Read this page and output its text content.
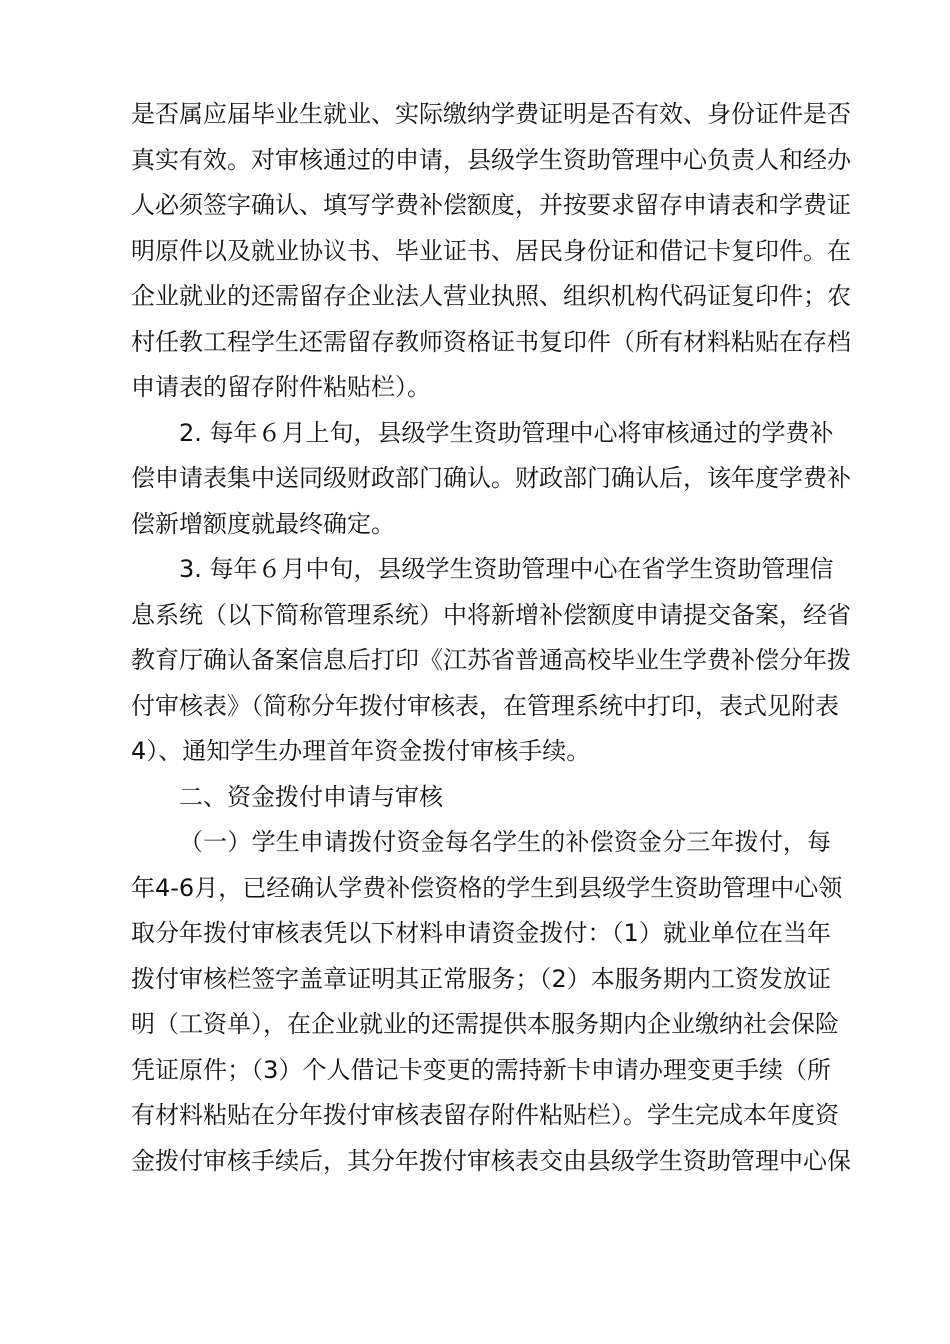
是否属应届毕业生就业、实际缴纳学费证明是否有效、身份证件是否
真实有效。对审核通过的申请，县级学生资助管理中心负责人和经办
人必须签字确认、填写学费补偿额度，并按要求留存申请表和学费证
明原件以及就业协议书、毕业证书、居民身份证和借记卡复印件。在
企业就业的还需留存企业法人营业执照、组织机构代码证复印件；农
村任教工程学生还需留存教师资格证书复印件（所有材料粘贴在存档
申请表的留存附件粘贴栏）。
2. 每年６月上旬，县级学生资助管理中心将审核通过的学费补
偿申请表集中送同级财政部门确认。财政部门确认后，该年度学费补
偿新增额度就最终确定。
3. 每年６月中旬，县级学生资助管理中心在省学生资助管理信
息系统（以下简称管理系统）中将新增补偿额度申请提交备案，经省
教育厅确认备案信息后打印《江苏省普通高校毕业生学费补偿分年拨
付审核表》（简称分年拨付审核表，在管理系统中打印，表式见附表
4）、通知学生办理首年资金拨付审核手续。
二、资金拨付申请与审核
（一）学生申请拨付资金每名学生的补偿资金分三年拨付，每
年4-6月，已经确认学费补偿资格的学生到县级学生资助管理中心领
取分年拨付审核表凭以下材料申请资金拨付：（1）就业单位在当年
拨付审核栏签字盖章证明其正常服务；（2）本服务期内工资发放证
明（工资单），在企业就业的还需提供本服务期内企业缴纳社会保险
凭证原件；（3）个人借记卡变更的需持新卡申请办理变更手续（所
有材料粘贴在分年拨付审核表留存附件粘贴栏）。学生完成本年度资
金拨付审核手续后，其分年拨付审核表交由县级学生资助管理中心保
